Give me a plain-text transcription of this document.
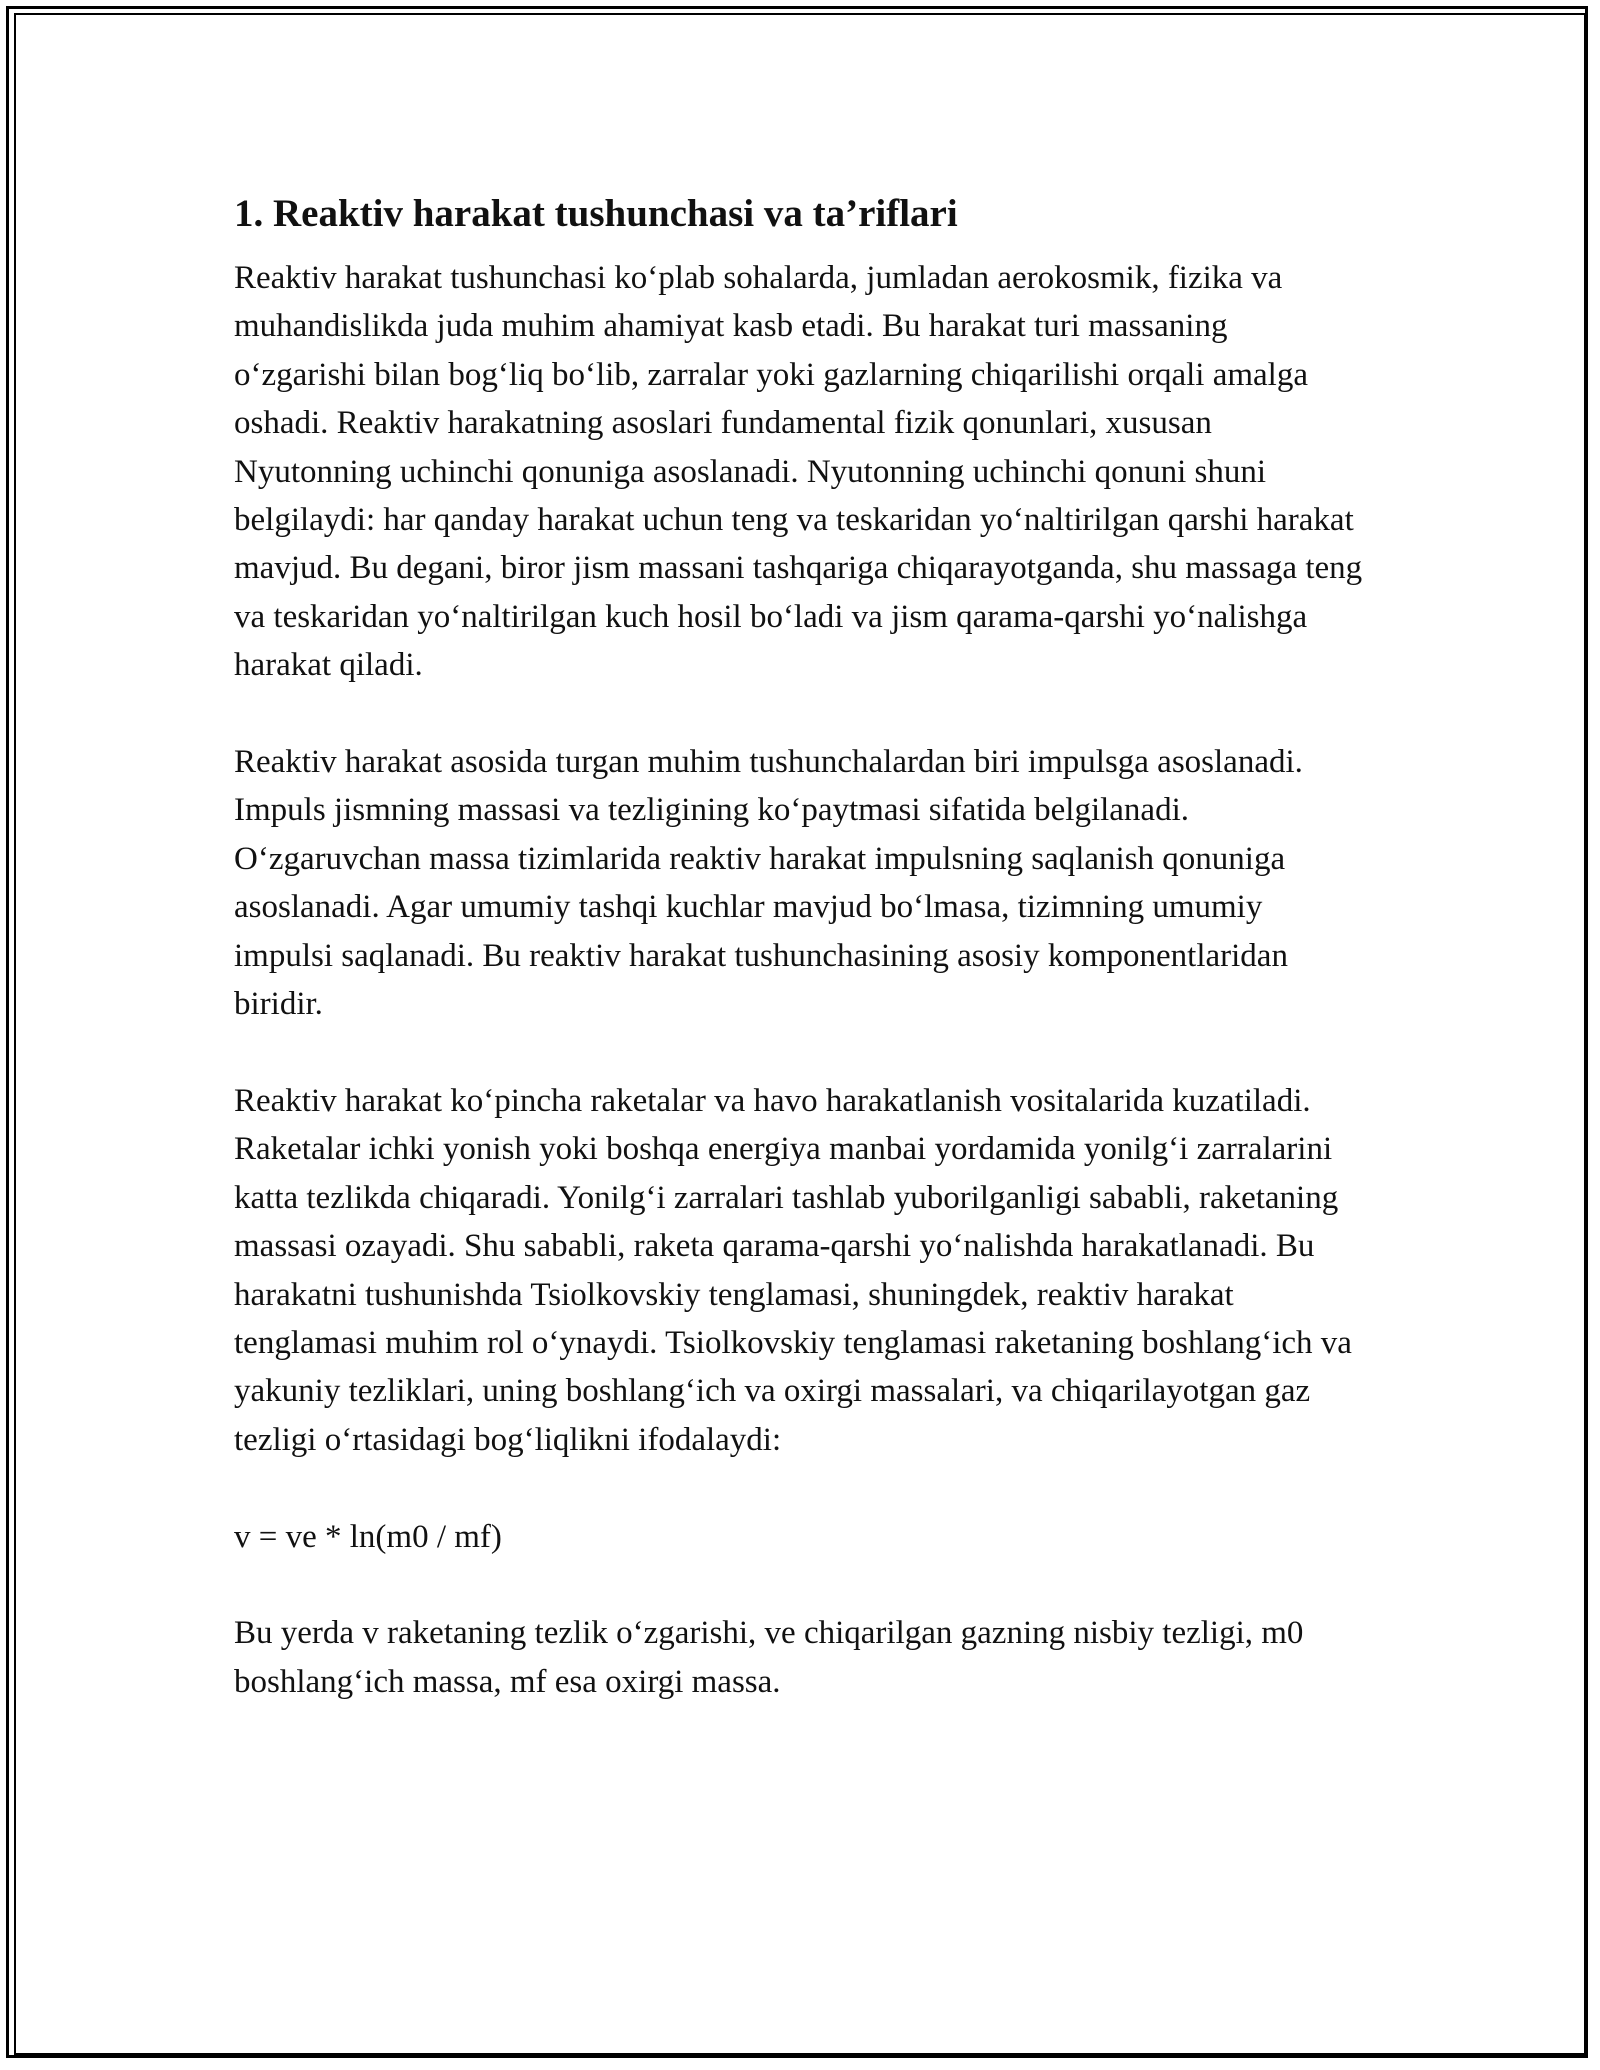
1. Reaktiv harakat tushunchasi va ta’riflari

Reaktiv harakat tushunchasi ko‘plab sohalarda, jumladan aerokosmik, fizika va muhandislikda juda muhim ahamiyat kasb etadi. Bu harakat turi massaning o‘zgarishi bilan bog‘liq bo‘lib, zarralar yoki gazlarning chiqarilishi orqali amalga oshadi. Reaktiv harakatning asoslari fundamental fizik qonunlari, xususan Nyutonning uchinchi qonuniga asoslanadi. Nyutonning uchinchi qonuni shuni belgilaydi: har qanday harakat uchun teng va teskaridan yo‘naltirilgan qarshi harakat mavjud. Bu degani, biror jism massani tashqariga chiqarayotganda, shu massaga teng va teskaridan yo‘naltirilgan kuch hosil bo‘ladi va jism qarama-qarshi yo‘nalishga harakat qiladi.

Reaktiv harakat asosida turgan muhim tushunchalardan biri impulsga asoslanadi. Impuls jismning massasi va tezligining ko‘paytmasi sifatida belgilanadi. O‘zgaruvchan massa tizimlarida reaktiv harakat impulsning saqlanish qonuniga asoslanadi. Agar umumiy tashqi kuchlar mavjud bo‘lmasa, tizimning umumiy impulsi saqlanadi. Bu reaktiv harakat tushunchasining asosiy komponentlaridan biridir.

Reaktiv harakat ko‘pincha raketalar va havo harakatlanish vositalarida kuzatiladi. Raketalar ichki yonish yoki boshqa energiya manbai yordamida yonilg‘i zarralarini katta tezlikda chiqaradi. Yonilg‘i zarralari tashlab yuborilganligi sababli, raketaning massasi ozayadi. Shu sababli, raketa qarama-qarshi yo‘nalishda harakatlanadi. Bu harakatni tushunishda Tsiolkovskiy tenglamasi, shuningdek, reaktiv harakat tenglamasi muhim rol o‘ynaydi. Tsiolkovskiy tenglamasi raketaning boshlang‘ich va yakuniy tezliklari, uning boshlang‘ich va oxirgi massalari, va chiqarilayotgan gaz tezligi o‘rtasidagi bog‘liqlikni ifodalaydi:

v = ve * ln(m0 / mf)

Bu yerda v raketaning tezlik o‘zgarishi, ve chiqarilgan gazning nisbiy tezligi, m0 boshlang‘ich massa, mf esa oxirgi massa.
